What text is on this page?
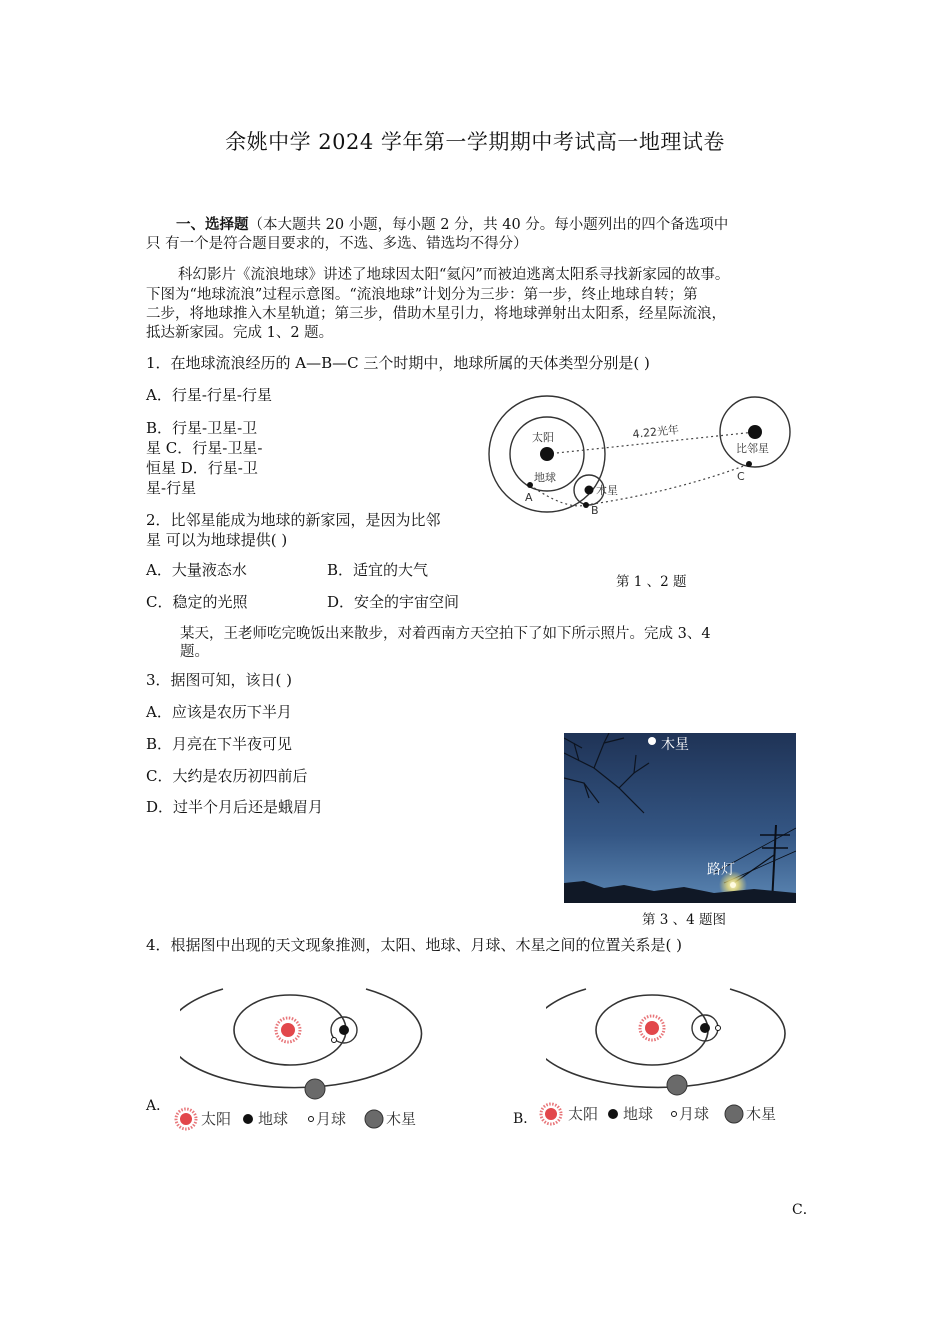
余姚中学 2024 学年第一学期期中考试高一地理试卷
一、选择题（本大题共 20 小题，每小题 2 分，共 40 分。每小题列出的四个备选项中
只 有一个是符合题目要求的，不选、多选、错选均不得分）
科幻影片《流浪地球》讲述了地球因太阳“氦闪”而被迫逃离太阳系寻找新家园的故事。
下图为“地球流浪”过程示意图。“流浪地球”计划分为三步：第一步，终止地球自转；第
二步，将地球推入木星轨道；第三步，借助木星引力，将地球弹射出太阳系，经星际流浪，
抵达新家园。完成 1、2 题。
1．在地球流浪经历的 A—B—C 三个时期中，地球所属的天体类型分别是( )
A．行星-行星-行星
B．行星-卫星-卫
星 C．行星-卫星-
恒星 D．行星-卫
星-行星
2．比邻星能成为地球的新家园，是因为比邻
星 可以为地球提供( )
A．大量液态水	B．适宜的大气
C．稳定的光照	D．安全的宇宙空间
太阳
地球
木星
比邻星
4.22光年
A
B
C
第 1 、2 题
某天，王老师吃完晚饭出来散步，对着西南方天空拍下了如下所示照片。完成 3、4
题。
3．据图可知，该日( )
A．应该是农历下半月
B．月亮在下半夜可见
C．大约是农历初四前后
D．过半个月后还是蛾眉月
木星
路灯
第 3 、4 题图
4．根据图中出现的天文现象推测，太阳、地球、月球、木星之间的位置关系是( )
A．
太阳 地球 月球	木星	B． 太阳 地球 月球 木星
C．
